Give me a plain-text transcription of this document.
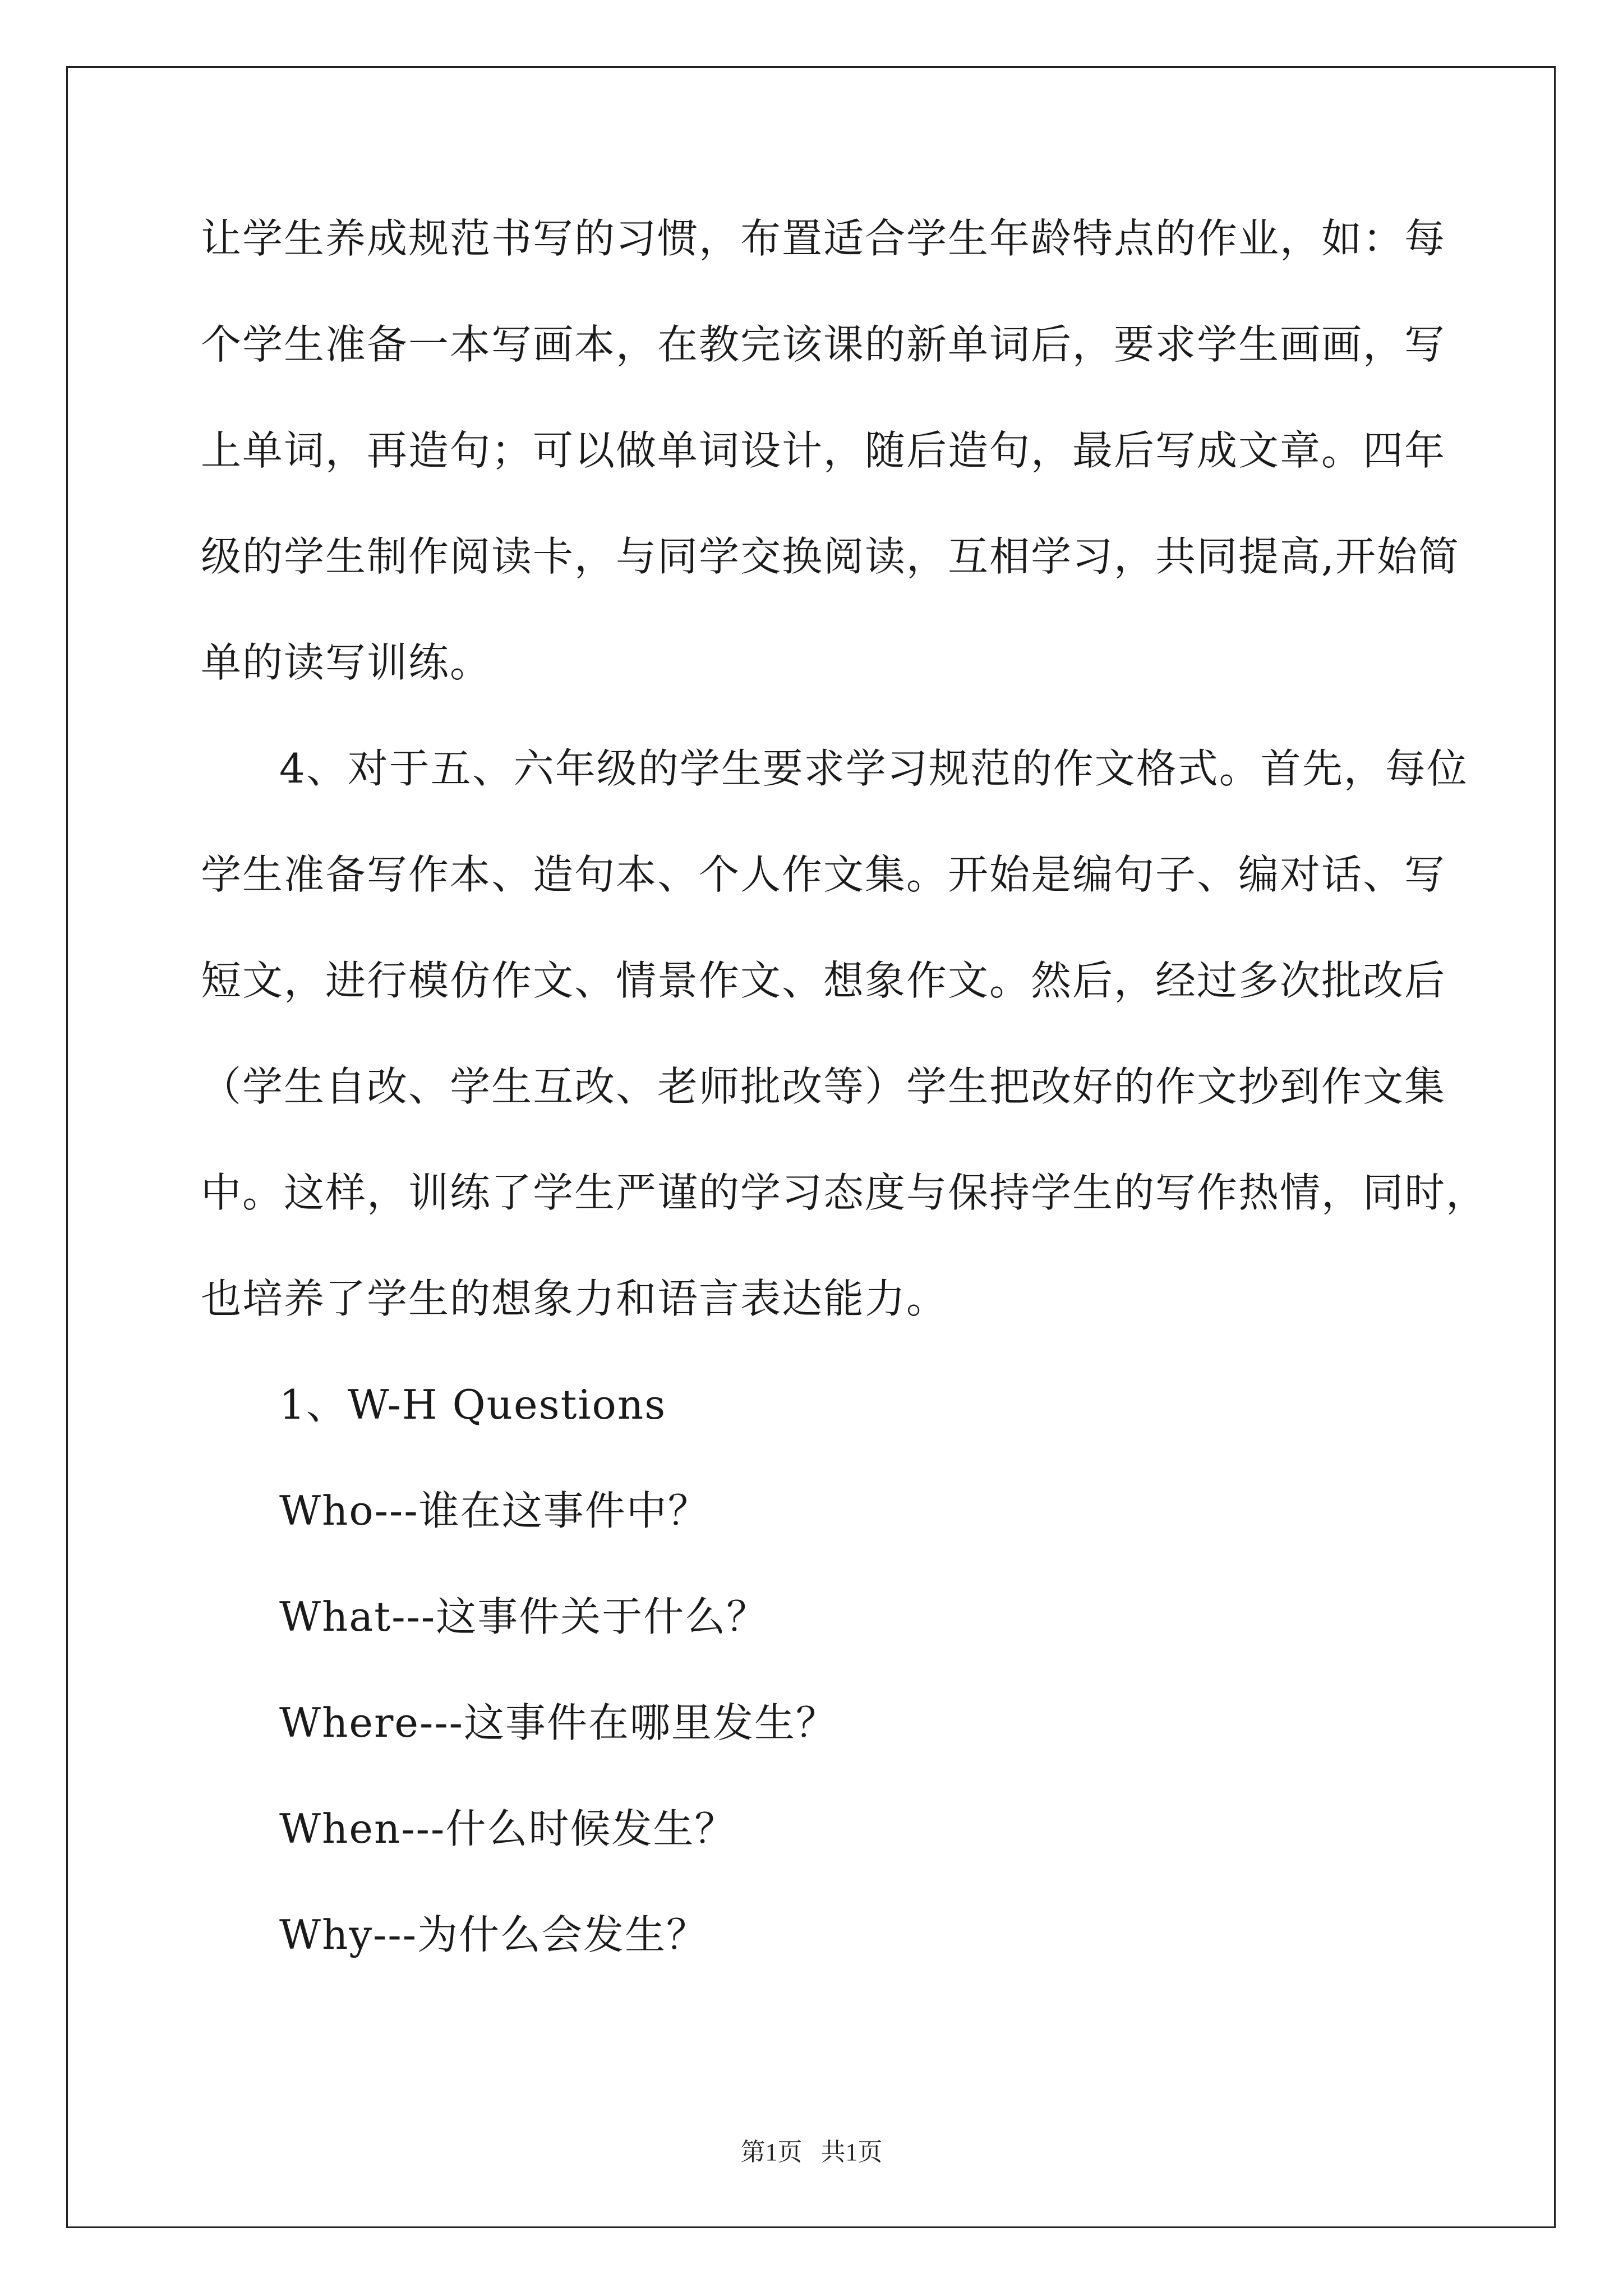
让学生养成规范书写的习惯，布置适合学生年龄特点的作业，如：每
个学生准备一本写画本，在教完该课的新单词后，要求学生画画，写
上单词，再造句；可以做单词设计，随后造句，最后写成文章。四年
级的学生制作阅读卡，与同学交换阅读，互相学习，共同提高,开始简
单的读写训练。
4、对于五、六年级的学生要求学习规范的作文格式。首先，每位
学生准备写作本、造句本、个人作文集。开始是编句子、编对话、写
短文，进行模仿作文、情景作文、想象作文。然后，经过多次批改后
（学生自改、学生互改、老师批改等）学生把改好的作文抄到作文集
中。这样，训练了学生严谨的学习态度与保持学生的写作热情，同时，
也培养了学生的想象力和语言表达能力。
1、W-H Questions
Who---谁在这事件中？
What---这事件关于什么？
Where---这事件在哪里发生？
When---什么时候发生？
Why---为什么会发生？
第1页   共1页
